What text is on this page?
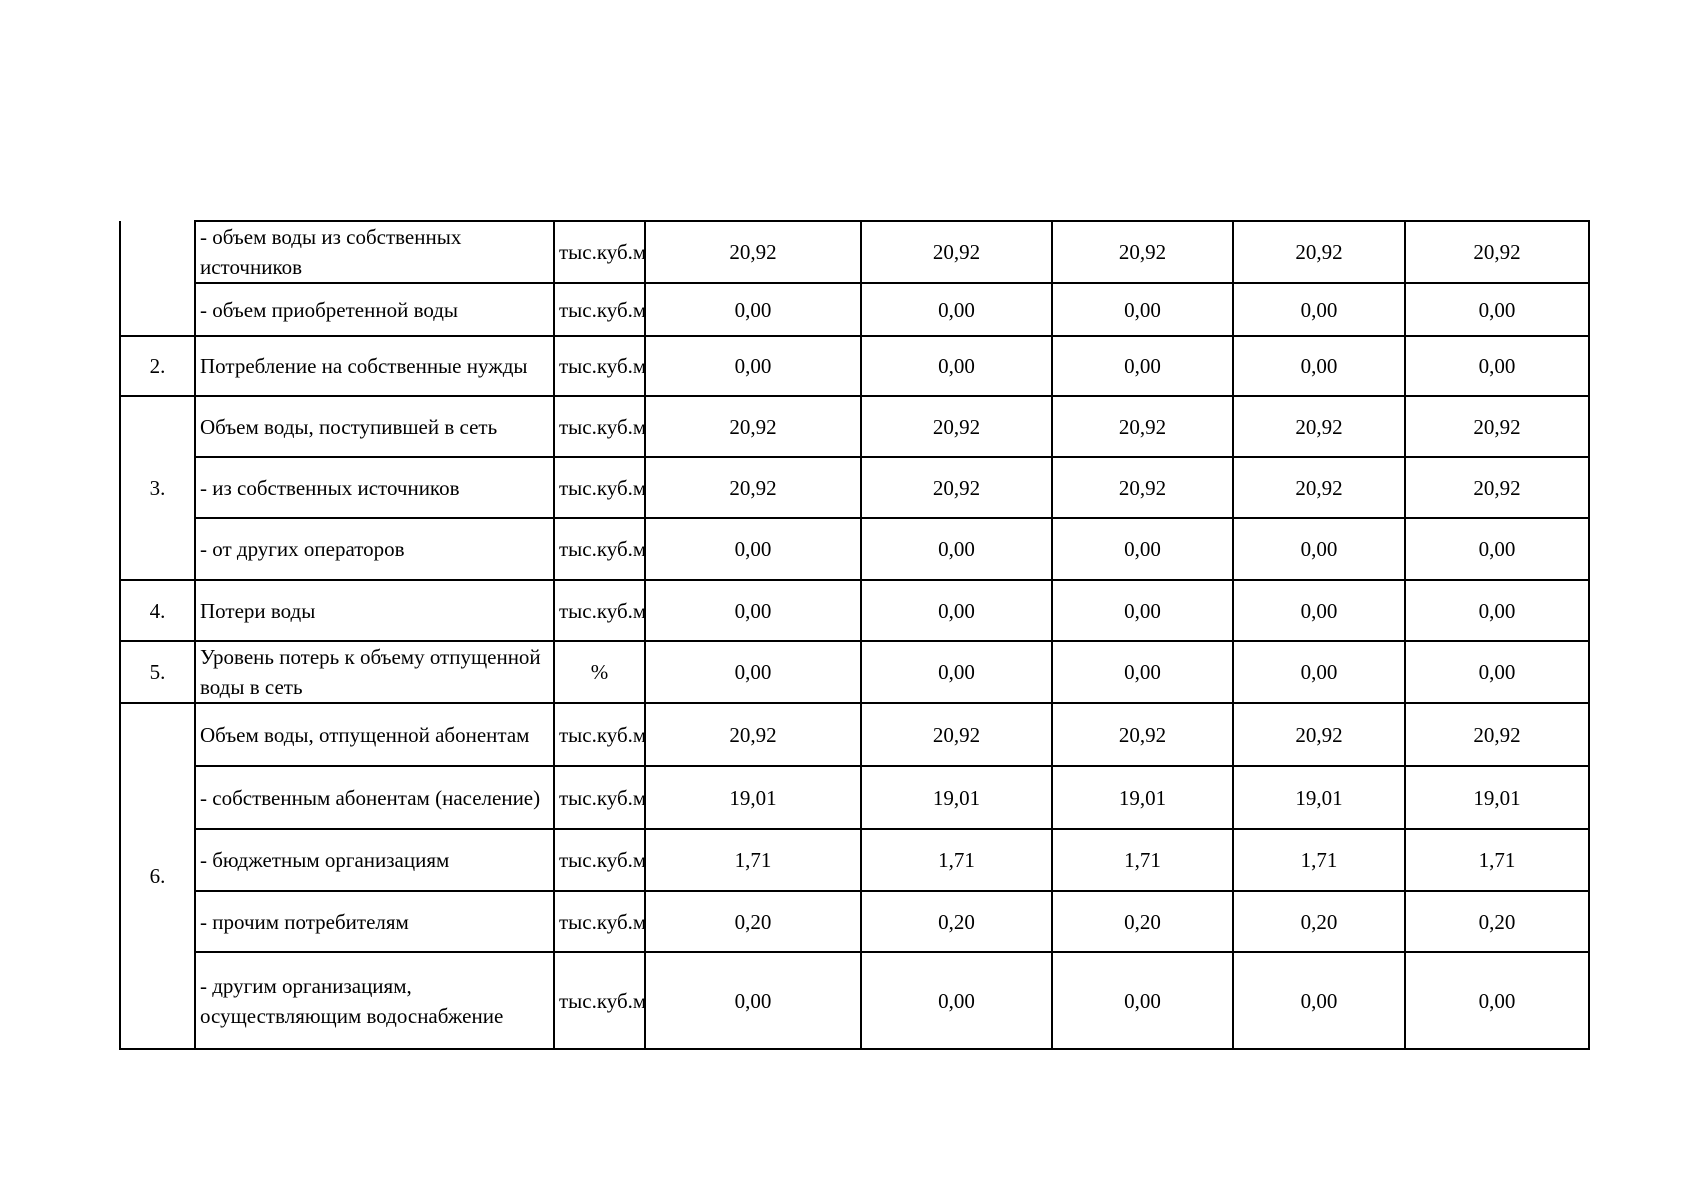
	- объем воды из собственных источников	тыс.куб.м	20,92	20,92	20,92	20,92	20,92
	- объем приобретенной воды	тыс.куб.м	0,00	0,00	0,00	0,00	0,00
2.	Потребление на собственные нужды	тыс.куб.м	0,00	0,00	0,00	0,00	0,00
3.	Объем воды, поступившей в сеть	тыс.куб.м	20,92	20,92	20,92	20,92	20,92
	- из собственных источников	тыс.куб.м	20,92	20,92	20,92	20,92	20,92
	- от других операторов	тыс.куб.м	0,00	0,00	0,00	0,00	0,00
4.	Потери воды	тыс.куб.м	0,00	0,00	0,00	0,00	0,00
5.	Уровень потерь к объему отпущенной воды в сеть	%	0,00	0,00	0,00	0,00	0,00
6.	Объем воды, отпущенной абонентам	тыс.куб.м	20,92	20,92	20,92	20,92	20,92
	- собственным абонентам (население)	тыс.куб.м	19,01	19,01	19,01	19,01	19,01
	- бюджетным организациям	тыс.куб.м	1,71	1,71	1,71	1,71	1,71
	- прочим потребителям	тыс.куб.м	0,20	0,20	0,20	0,20	0,20
	- другим организациям, осуществляющим водоснабжение	тыс.куб.м	0,00	0,00	0,00	0,00	0,00
